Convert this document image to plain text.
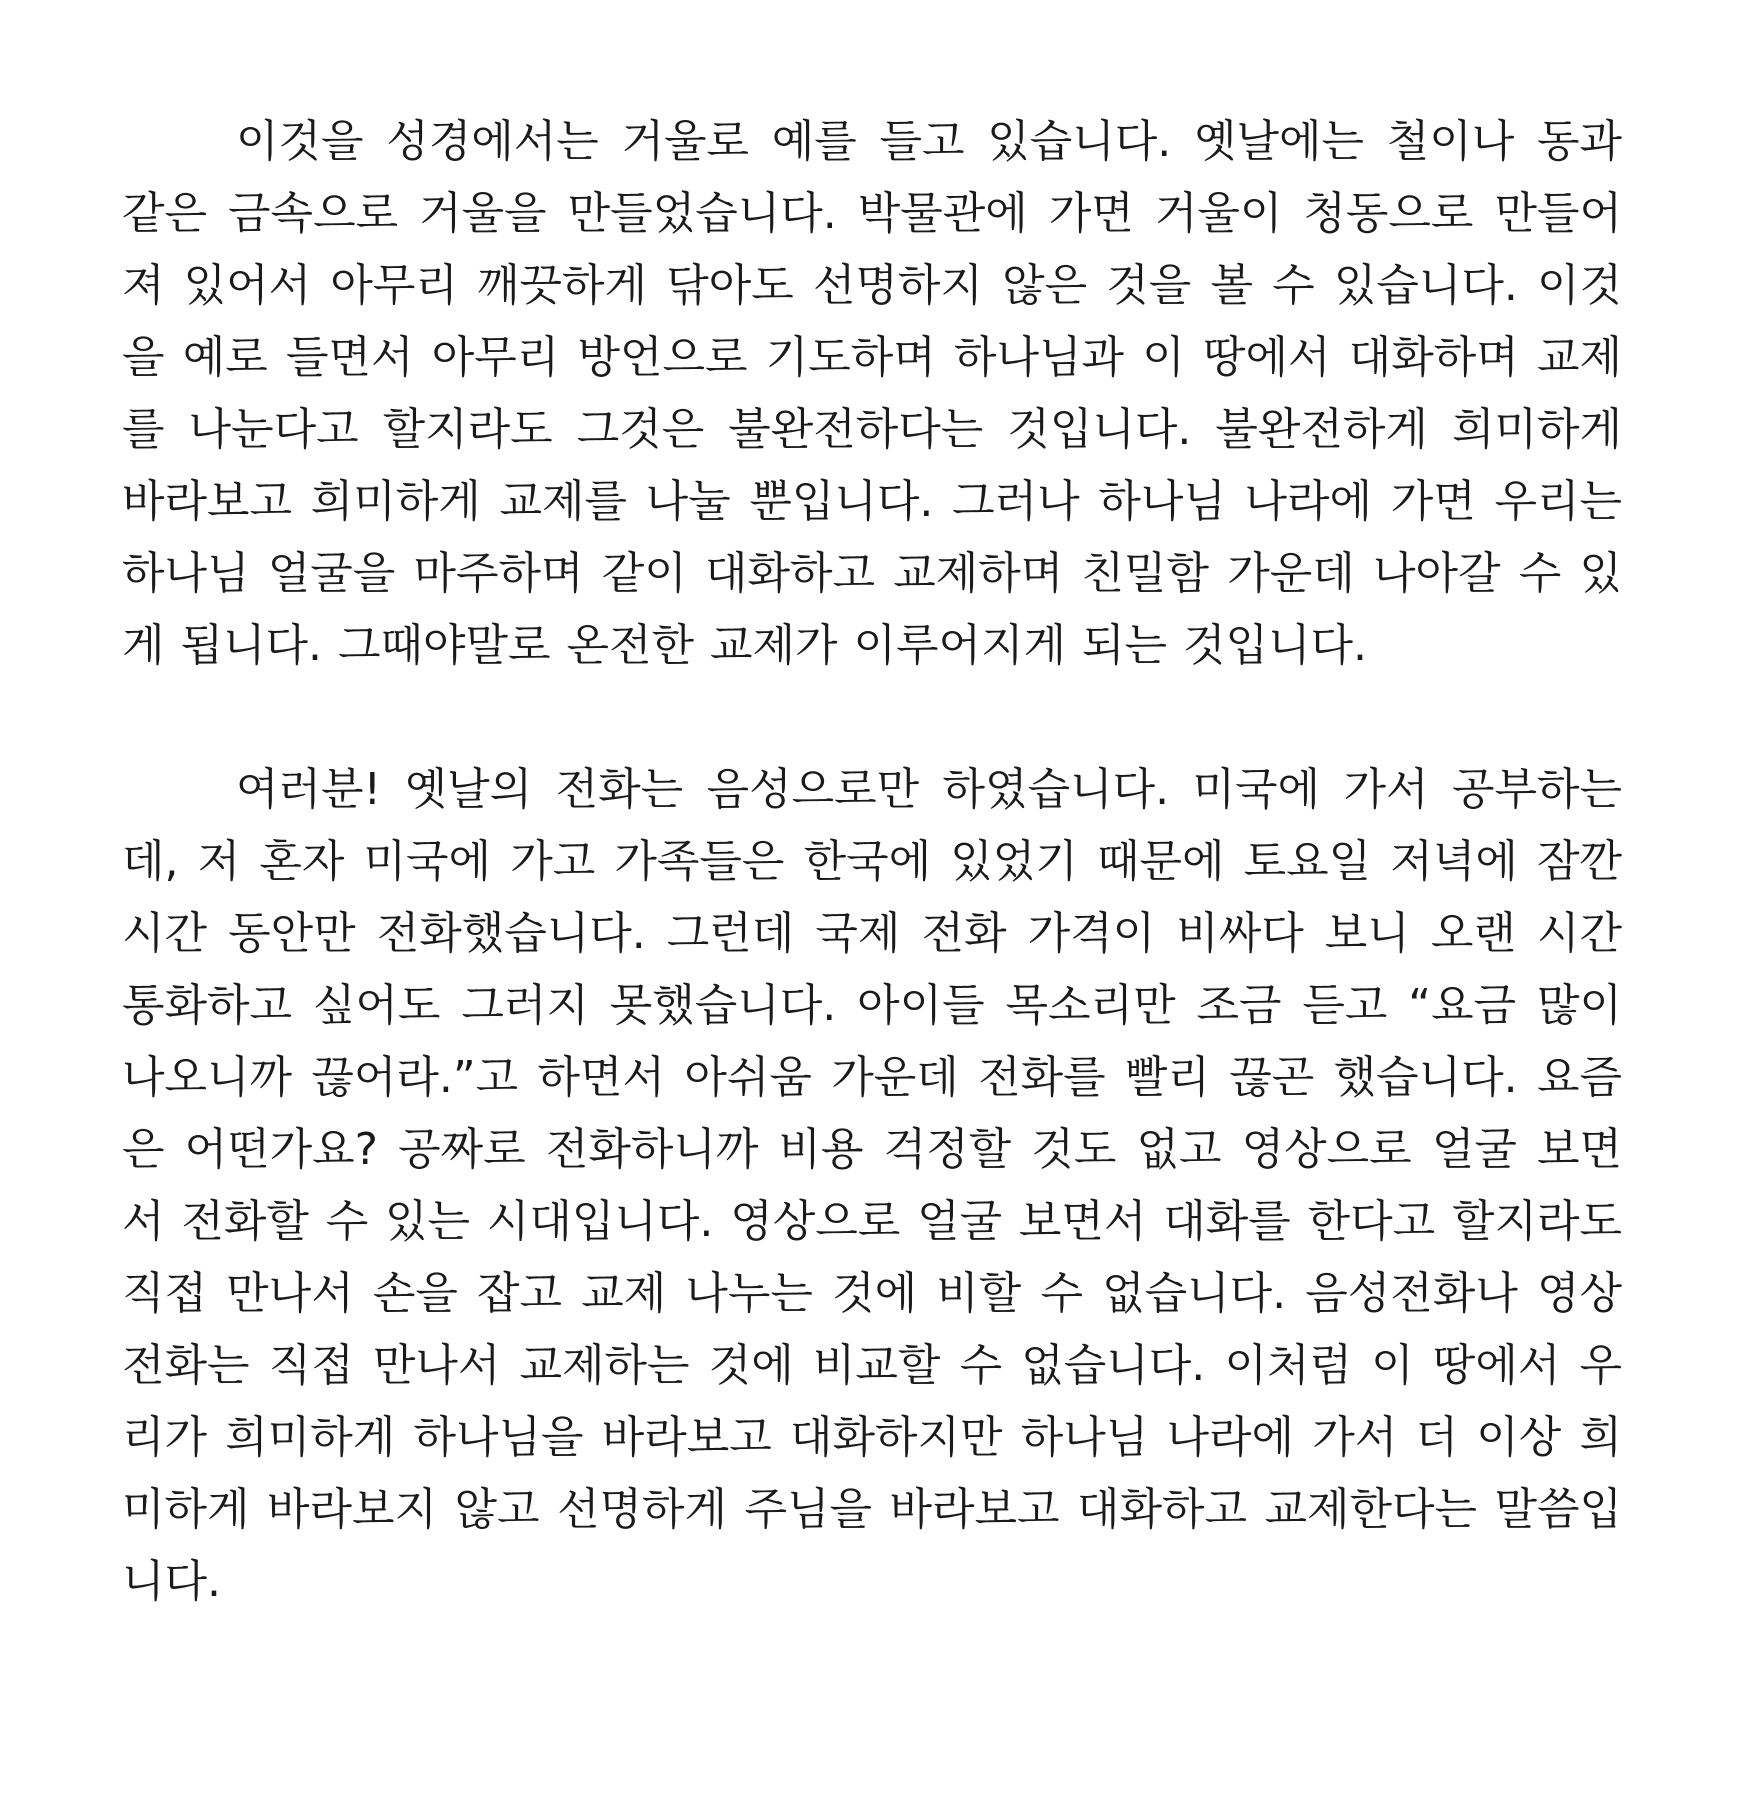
이것을 성경에서는 거울로 예를 들고 있습니다. 옛날에는 철이나 동과 같은 금속으로 거울을 만들었습니다. 박물관에 가면 거울이 청동으로 만들어져 있어서 아무리 깨끗하게 닦아도 선명하지 않은 것을 볼 수 있습니다. 이것을 예로 들면서 아무리 방언으로 기도하며 하나님과 이 땅에서 대화하며 교제를 나눈다고 할지라도 그것은 불완전하다는 것입니다. 불완전하게 희미하게 바라보고 희미하게 교제를 나눌 뿐입니다. 그러나 하나님 나라에 가면 우리는 하나님 얼굴을 마주하며 같이 대화하고 교제하며 친밀함 가운데 나아갈 수 있게 됩니다. 그때야말로 온전한 교제가 이루어지게 되는 것입니다.

여러분! 옛날의 전화는 음성으로만 하였습니다. 미국에 가서 공부하는 데, 저 혼자 미국에 가고 가족들은 한국에 있었기 때문에 토요일 저녁에 잠깐 시간 동안만 전화했습니다. 그런데 국제 전화 가격이 비싸다 보니 오랜 시간 통화하고 싶어도 그러지 못했습니다. 아이들 목소리만 조금 듣고 “요금 많이 나오니까 끊어라.”고 하면서 아쉬움 가운데 전화를 빨리 끊곤 했습니다. 요즘은 어떤가요? 공짜로 전화하니까 비용 걱정할 것도 없고 영상으로 얼굴 보면서 전화할 수 있는 시대입니다. 영상으로 얼굴 보면서 대화를 한다고 할지라도 직접 만나서 손을 잡고 교제 나누는 것에 비할 수 없습니다. 음성전화나 영상전화는 직접 만나서 교제하는 것에 비교할 수 없습니다. 이처럼 이 땅에서 우리가 희미하게 하나님을 바라보고 대화하지만 하나님 나라에 가서 더 이상 희미하게 바라보지 않고 선명하게 주님을 바라보고 대화하고 교제한다는 말씀입니다.
